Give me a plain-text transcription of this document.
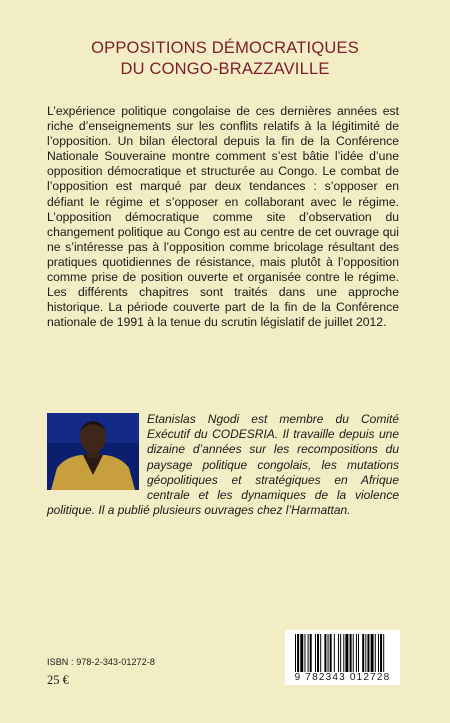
OPPOSITIONS DÉMOCRATIQUES
DU CONGO-BRAZZAVILLE

L’expérience politique congolaise de ces dernières années est riche d’enseignements sur les conflits relatifs à la légitimité de l’opposition. Un bilan électoral depuis la fin de la Conférence Nationale Souveraine montre comment s’est bâtie l’idée d’une opposition démocratique et structurée au Congo. Le combat de l’opposition est marqué par deux tendances : s’opposer en défiant le régime et s’opposer en collaborant avec le régime. L’opposition démocratique comme site d’observation du changement politique au Congo est au centre de cet ouvrage qui ne s’intéresse pas à l’opposition comme bricolage résultant des pratiques quotidiennes de résistance, mais plutôt à l’opposition comme prise de position ouverte et organisée contre le régime. Les différents chapitres sont traités dans une approche historique. La période couverte part de la fin de la Conférence nationale de 1991 à la tenue du scrutin législatif de juillet 2012.

Etanislas Ngodi est membre du Comité Exécutif du CODESRIA. Il travaille depuis une dizaine d’années sur les recompositions du paysage politique congolais, les mutations géopolitiques et stratégiques en Afrique centrale et les dynamiques de la violence politique. Il a publié plusieurs ouvrages chez l’Harmattan.

ISBN : 978-2-343-01272-8
25 €	9 782343 012728
